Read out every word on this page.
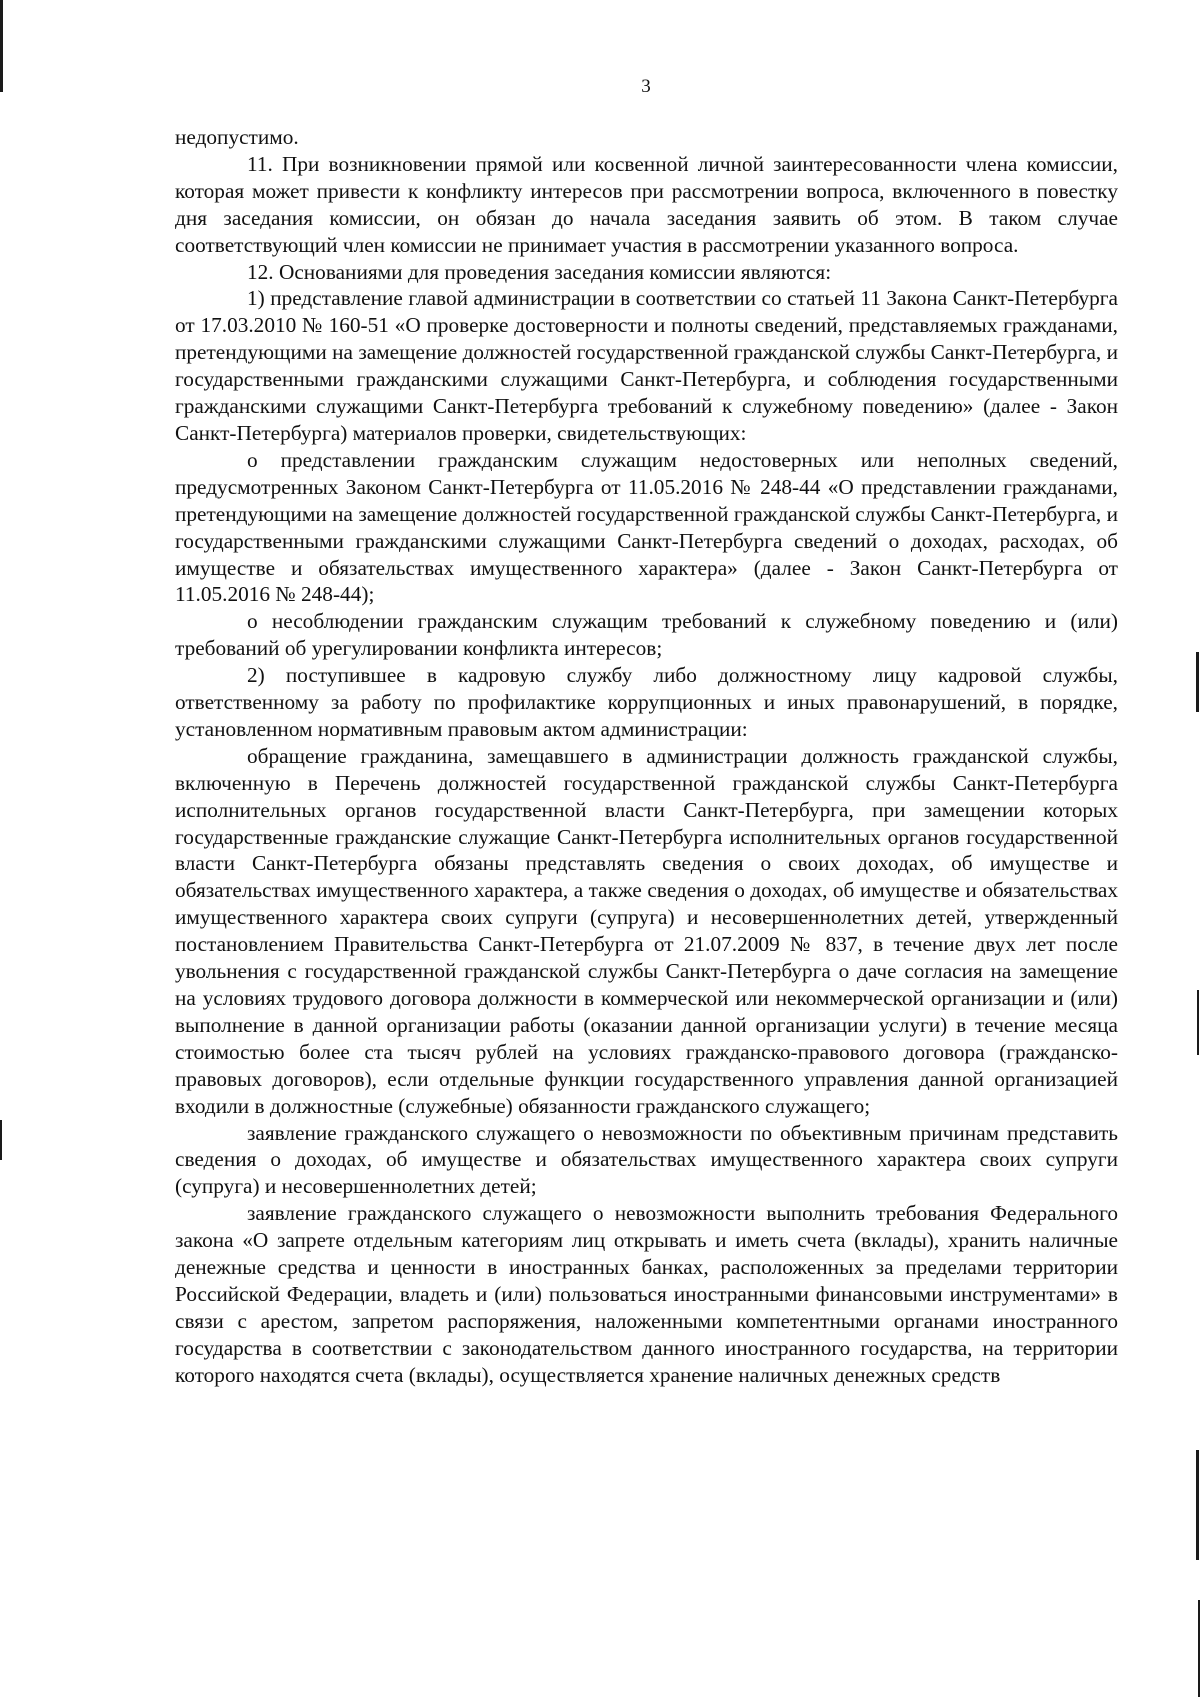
3

недопустимо.

11. При возникновении прямой или косвенной личной заинтересованности члена комиссии, которая может привести к конфликту интересов при рассмотрении вопроса, включенного в повестку дня заседания комиссии, он обязан до начала заседания заявить об этом. В таком случае соответствующий член комиссии не принимает участия в рассмотрении указанного вопроса.

12. Основаниями для проведения заседания комиссии являются:

1) представление главой администрации в соответствии со статьей 11 Закона Санкт-Петербурга от 17.03.2010 № 160-51 «О проверке достоверности и полноты сведений, представляемых гражданами, претендующими на замещение должностей государственной гражданской службы Санкт-Петербурга, и государственными гражданскими служащими Санкт-Петербурга, и соблюдения государственными гражданскими служащими Санкт-Петербурга требований к служебному поведению» (далее - Закон Санкт-Петербурга) материалов проверки, свидетельствующих:

о представлении гражданским служащим недостоверных или неполных сведений, предусмотренных Законом Санкт-Петербурга от 11.05.2016 № 248-44 «О представлении гражданами, претендующими на замещение должностей государственной гражданской службы Санкт-Петербурга, и государственными гражданскими служащими Санкт-Петербурга сведений о доходах, расходах, об имуществе и обязательствах имущественного характера» (далее - Закон Санкт-Петербурга от 11.05.2016 № 248-44);

о несоблюдении гражданским служащим требований к служебному поведению и (или) требований об урегулировании конфликта интересов;

2) поступившее в кадровую службу либо должностному лицу кадровой службы, ответственному за работу по профилактике коррупционных и иных правонарушений, в порядке, установленном нормативным правовым актом администрации:

обращение гражданина, замещавшего в администрации должность гражданской службы, включенную в Перечень должностей государственной гражданской службы Санкт-Петербурга исполнительных органов государственной власти Санкт-Петербурга, при замещении которых государственные гражданские служащие Санкт-Петербурга исполнительных органов государственной власти Санкт-Петербурга обязаны представлять сведения о своих доходах, об имуществе и обязательствах имущественного характера, а также сведения о доходах, об имуществе и обязательствах имущественного характера своих супруги (супруга) и несовершеннолетних детей, утвержденный постановлением Правительства Санкт-Петербурга от 21.07.2009 № 837, в течение двух лет после увольнения с государственной гражданской службы Санкт-Петербурга о даче согласия на замещение на условиях трудового договора должности в коммерческой или некоммерческой организации и (или) выполнение в данной организации работы (оказании данной организации услуги) в течение месяца стоимостью более ста тысяч рублей на условиях гражданско-правового договора (гражданско-правовых договоров), если отдельные функции государственного управления данной организацией входили в должностные (служебные) обязанности гражданского служащего;

заявление гражданского служащего о невозможности по объективным причинам представить сведения о доходах, об имуществе и обязательствах имущественного характера своих супруги (супруга) и несовершеннолетних детей;

заявление гражданского служащего о невозможности выполнить требования Федерального закона «О запрете отдельным категориям лиц открывать и иметь счета (вклады), хранить наличные денежные средства и ценности в иностранных банках, расположенных за пределами территории Российской Федерации, владеть и (или) пользоваться иностранными финансовыми инструментами» в связи с арестом, запретом распоряжения, наложенными компетентными органами иностранного государства в соответствии с законодательством данного иностранного государства, на территории которого находятся счета (вклады), осуществляется хранение наличных денежных средств
